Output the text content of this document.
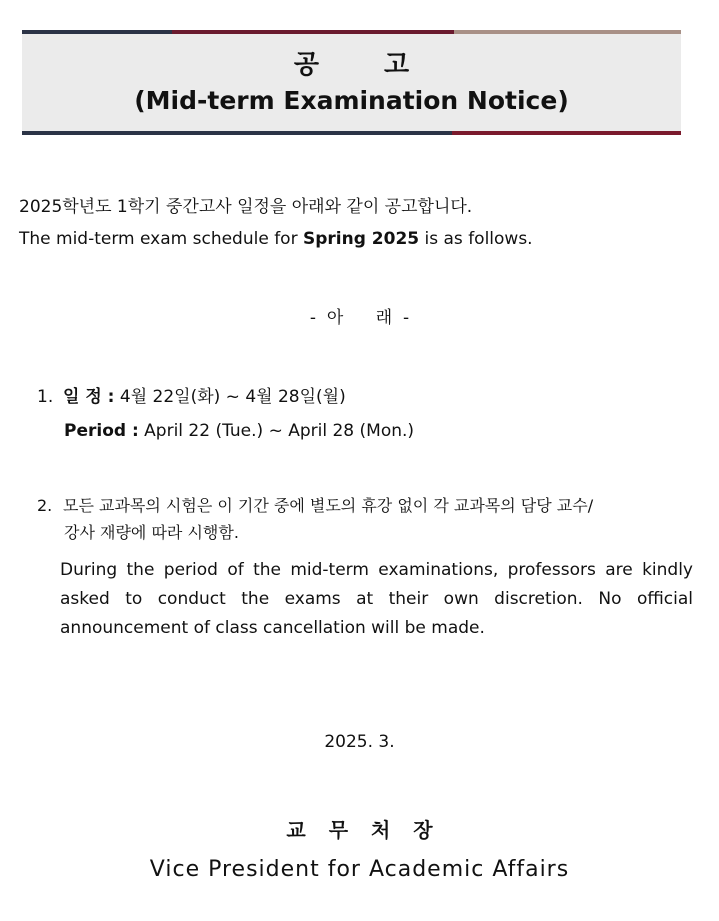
공 고
(Mid-term Examination Notice)
2025학년도 1학기 중간고사 일정을 아래와 같이 공고합니다.
The mid-term exam schedule for Spring 2025 is as follows.
-  아      래  -
1. 일 정 : 4월 22일(화) ~ 4월 28일(월)
Period : April 22 (Tue.) ~ April 28 (Mon.)
2. 모든 교과목의 시험은 이 기간 중에 별도의 휴강 없이 각 교과목의 담당 교수/
강사 재량에 따라 시행함.
During the period of the mid-term examinations, professors are kindly asked to conduct the exams at their own discretion. No official announcement of class cancellation will be made.
2025. 3.
교 무 처 장
Vice President for Academic Affairs
